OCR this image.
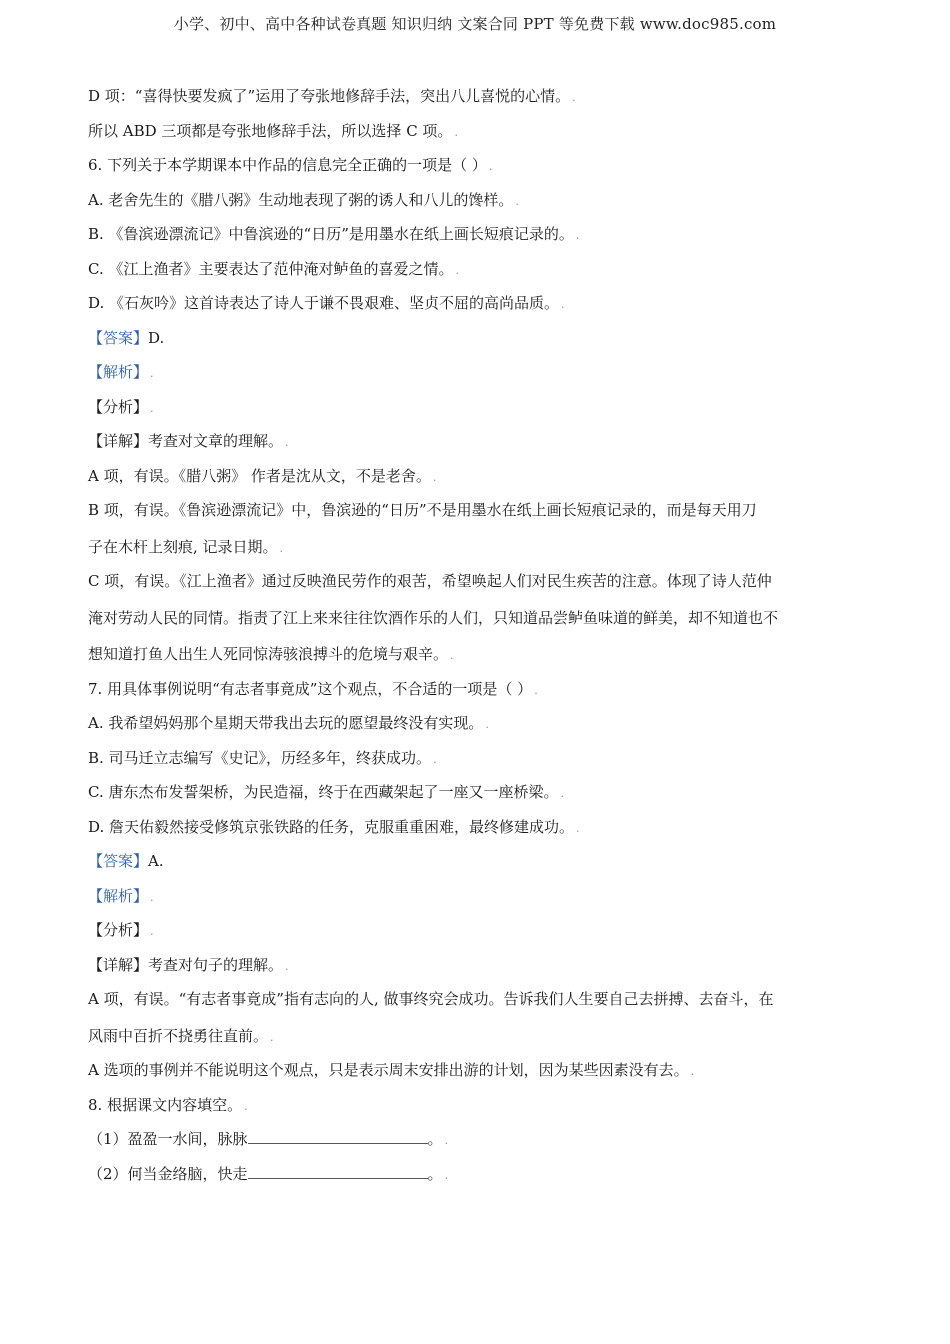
小学、初中、高中各种试卷真题 知识归纳 文案合同 PPT 等免费下载 www.doc985.com
D 项：“喜得快要发疯了”运用了夸张地修辞手法，突出八儿喜悦的心情。 .
所以 ABD 三项都是夸张地修辞手法，所以选择 C 项。 .
6. 下列关于本学期课本中作品的信息完全正确的一项是（ ） .
A. 老舍先生的《腊八粥》生动地表现了粥的诱人和八儿的馋样。 .
B. 《鲁滨逊漂流记》中鲁滨逊的“日历”是用墨水在纸上画长短痕记录的。 .
C. 《江上渔者》主要表达了范仲淹对鲈鱼的喜爱之情。 .
D. 《石灰吟》这首诗表达了诗人于谦不畏艰难、坚贞不屈的高尚品质。 .
【答案】D.
【解析】 .
【分析】 .
【详解】考查对文章的理解。 .
A 项，有误。《腊八粥》 作者是沈从文，不是老舍。 .
B 项，有误。《鲁滨逊漂流记》中，鲁滨逊的“日历”不是用墨水在纸上画长短痕记录的，而是每天用刀
子在木杆上刻痕, 记录日期。 .
C 项，有误。《江上渔者》通过反映渔民劳作的艰苦，希望唤起人们对民生疾苦的注意。体现了诗人范仲
淹对劳动人民的同情。指责了江上来来往往饮酒作乐的人们，只知道品尝鲈鱼味道的鲜美，却不知道也不
想知道打鱼人出生人死同惊涛骇浪搏斗的危境与艰辛。 .
7. 用具体事例说明“有志者事竟成”这个观点，不合适的一项是（ ） .
A. 我希望妈妈那个星期天带我出去玩的愿望最终没有实现。 .
B. 司马迁立志编写《史记》，历经多年，终获成功。 .
C. 唐东杰布发誓架桥，为民造福，终于在西藏架起了一座又一座桥梁。 .
D. 詹天佑毅然接受修筑京张铁路的任务，克服重重困难，最终修建成功。 .
【答案】A.
【解析】 .
【分析】 .
【详解】考查对句子的理解。 .
A 项，有误。“有志者事竟成”指有志向的人, 做事终究会成功。告诉我们人生要自己去拼搏、去奋斗，在
风雨中百折不挠勇往直前。 .
A 选项的事例并不能说明这个观点，只是表示周末安排出游的计划，因为某些因素没有去。 .
8. 根据课文内容填空。 .
（1）盈盈一水间，脉脉	。 .
（2）何当金络脑，快走	。 .
